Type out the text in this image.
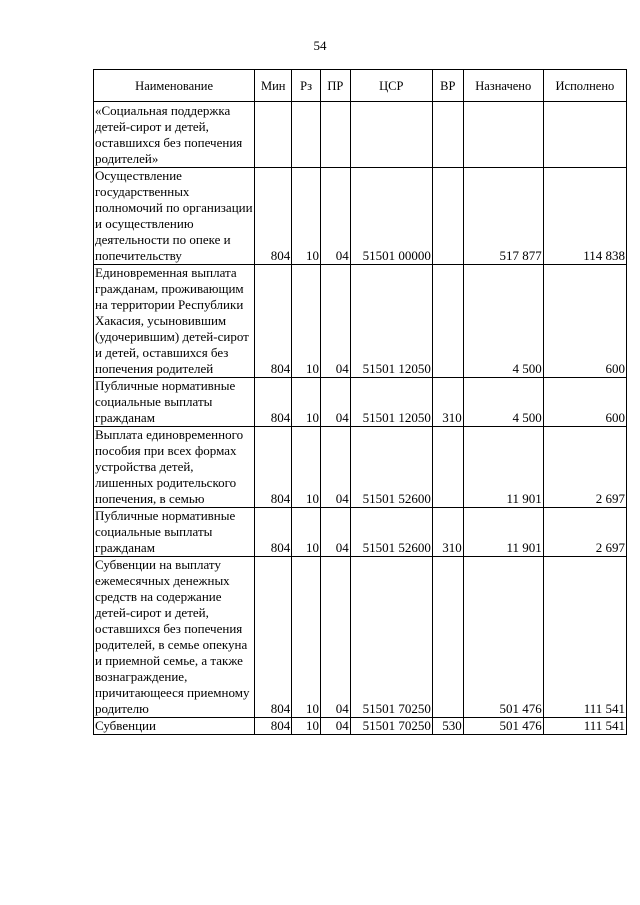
54
Наименование	Мин	Рз	ПР	ЦСР	ВР	Назначено	Исполнено
«Социальная поддержка детей-сирот и детей, оставшихся без попечения родителей»							
Осуществление государственных полномочий по организации и осуществлению деятельности по опеке и попечительству	804	10	04	51501 00000		517 877	114 838
Единовременная выплата гражданам, проживающим на территории Республики Хакасия, усыновившим (удочерившим) детей-сирот и детей, оставшихся без попечения родителей	804	10	04	51501 12050		4 500	600
Публичные нормативные социальные выплаты гражданам	804	10	04	51501 12050	310	4 500	600
Выплата единовременного пособия при всех формах устройства детей, лишенных родительского попечения, в семью	804	10	04	51501 52600		11 901	2 697
Публичные нормативные социальные выплаты гражданам	804	10	04	51501 52600	310	11 901	2 697
Субвенции на выплату ежемесячных денежных средств на содержание детей-сирот и детей, оставшихся без попечения родителей, в семье опекуна и приемной семье, а также вознаграждение, причитающееся приемному родителю	804	10	04	51501 70250		501 476	111 541
Субвенции	804	10	04	51501 70250	530	501 476	111 541
